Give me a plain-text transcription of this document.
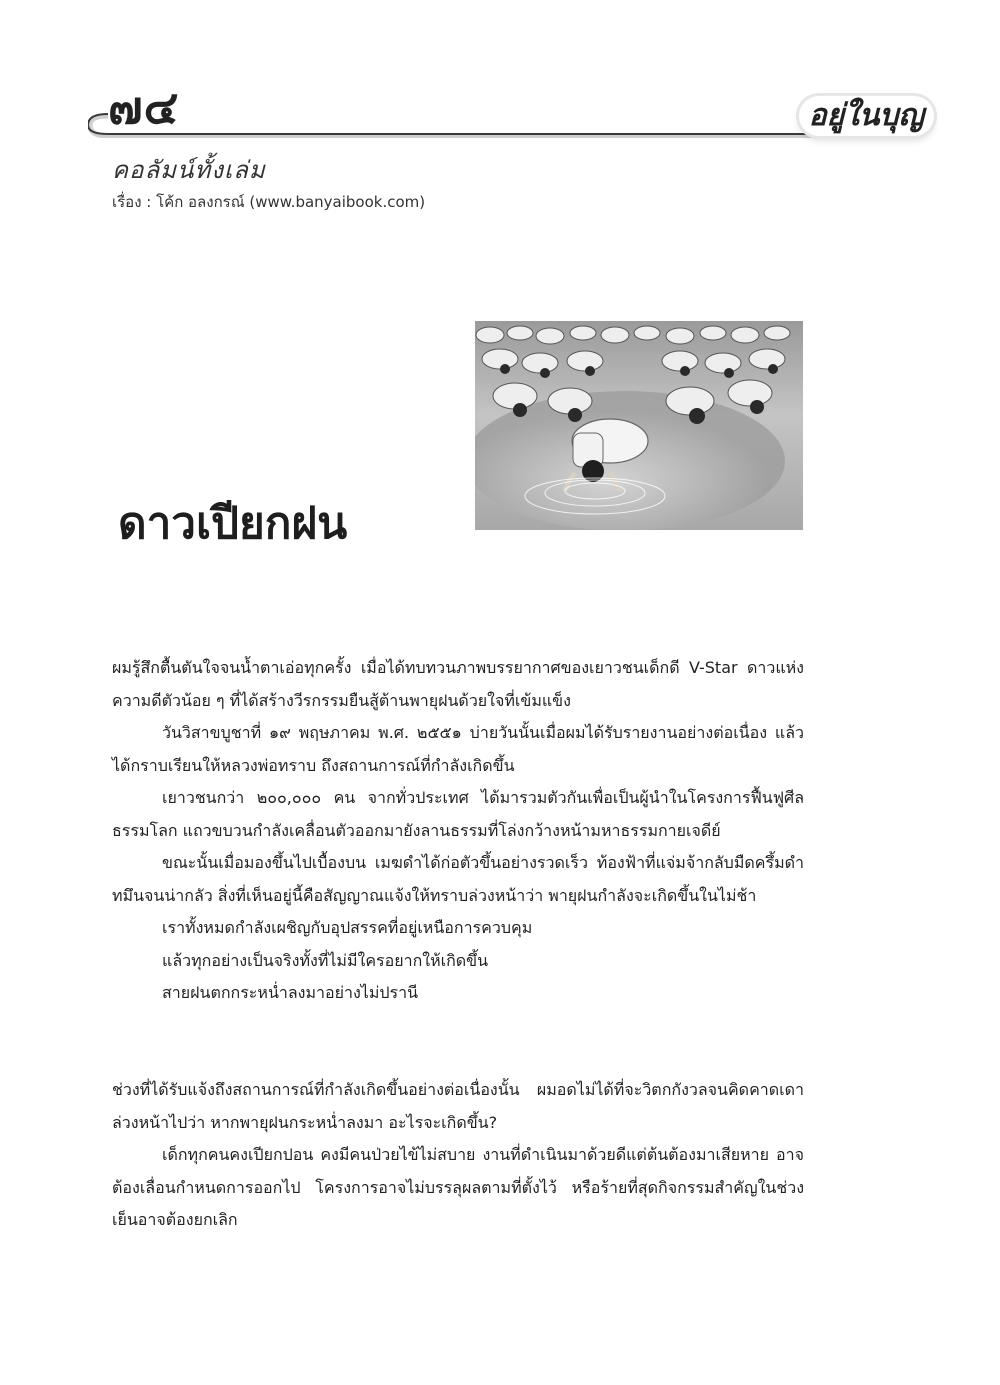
๗๔	อยู่ในบุญ
คอลัมน์ทั้งเล่ม
เรื่อง : โค้ก อลงกรณ์ (www.banyaibook.com)
ดาวเปียกฝน

ผมรู้สึกตื้นตันใจจนน้ำตาเอ่อทุกครั้ง เมื่อได้ทบทวนภาพบรรยากาศของเยาวชนเด็กดี V-Star ดาวแห่งความดีตัวน้อย ๆ ที่ได้สร้างวีรกรรมยืนสู้ต้านพายุฝนด้วยใจที่เข้มแข็ง

วันวิสาขบูชาที่ ๑๙ พฤษภาคม พ.ศ. ๒๕๕๑ บ่ายวันนั้นเมื่อผมได้รับรายงานอย่างต่อเนื่อง แล้วได้กราบเรียนให้หลวงพ่อทราบ ถึงสถานการณ์ที่กำลังเกิดขึ้น

เยาวชนกว่า ๒๐๐,๐๐๐ คน จากทั่วประเทศ ได้มารวมตัวกันเพื่อเป็นผู้นำในโครงการฟื้นฟูศีลธรรมโลก แถวขบวนกำลังเคลื่อนตัวออกมายังลานธรรมที่โล่งกว้างหน้ามหาธรรมกายเจดีย์

ขณะนั้นเมื่อมองขึ้นไปเบื้องบน เมฆดำได้ก่อตัวขึ้นอย่างรวดเร็ว ท้องฟ้าที่แจ่มจ้ากลับมืดครึ้มดำทมึนจนน่ากลัว สิ่งที่เห็นอยู่นี้คือสัญญาณแจ้งให้ทราบล่วงหน้าว่า พายุฝนกำลังจะเกิดขึ้นในไม่ช้า

เราทั้งหมดกำลังเผชิญกับอุปสรรคที่อยู่เหนือการควบคุม

แล้วทุกอย่างเป็นจริงทั้งที่ไม่มีใครอยากให้เกิดขึ้น

สายฝนตกกระหน่ำลงมาอย่างไม่ปรานี

ช่วงที่ได้รับแจ้งถึงสถานการณ์ที่กำลังเกิดขึ้นอย่างต่อเนื่องนั้น ผมอดไม่ได้ที่จะวิตกกังวลจนคิดคาดเดาล่วงหน้าไปว่า หากพายุฝนกระหน่ำลงมา อะไรจะเกิดขึ้น?

เด็กทุกคนคงเปียกปอน คงมีคนป่วยไข้ไม่สบาย งานที่ดำเนินมาด้วยดีแต่ต้นต้องมาเสียหาย อาจต้องเลื่อนกำหนดการออกไป โครงการอาจไม่บรรลุผลตามที่ตั้งไว้ หรือร้ายที่สุดกิจกรรมสำคัญในช่วงเย็นอาจต้องยกเลิก
